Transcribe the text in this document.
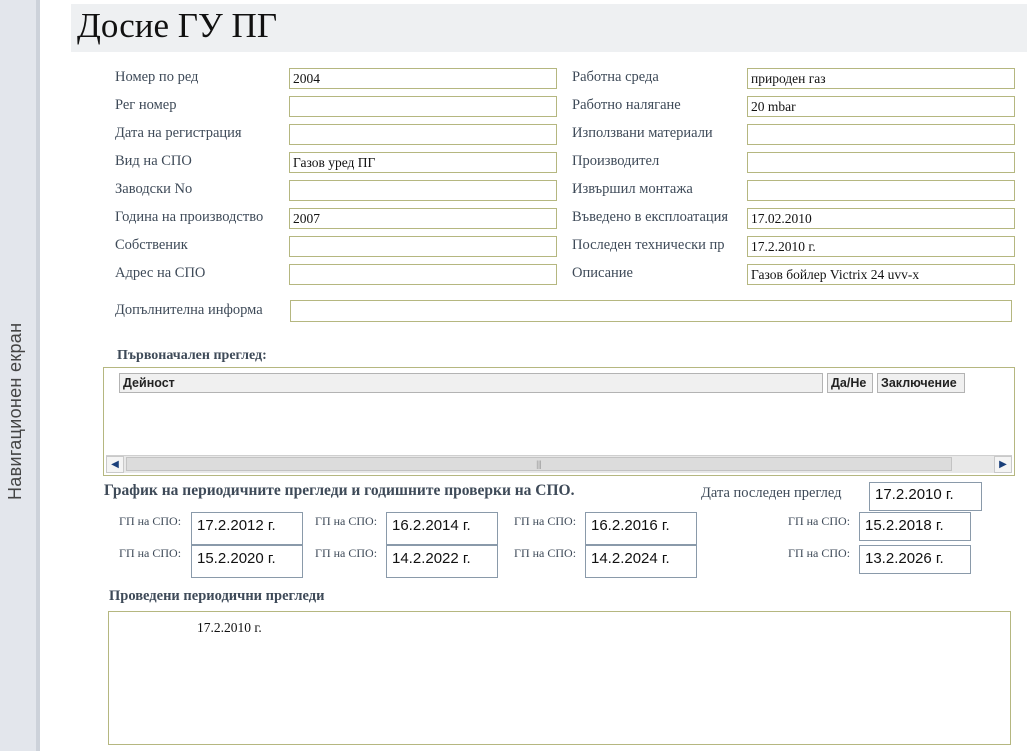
Навигационен екран
Досие ГУ ПГ
Номер по ред	2004
Рег номер
Дата на регистрация
Вид на СПО	Газов уред ПГ
Заводски No
Година на производство	2007
Собственик
Адрес на СПО
Работна среда	природен газ
Работно налягане	20 mbar
Използвани материали
Производител
Извършил монтажа
Въведено в експлоатация	17.02.2010
Последен технически пр	17.2.2010 г.
Описание	Газов бойлер Victrix 24 uvv-x
Допълнителна информа
Първоначален преглед:
Дейност	Да/Не	Заключение
◀	|||	▶
График на периодичните прегледи и годишните проверки на СПО.	Дата последен преглед	17.2.2010 г.
ГП на СПО:	17.2.2012 г.	ГП на СПО: 16.2.2014 г.	ГП на СПО: 16.2.2016 г.	ГП на СПО: 15.2.2018 г.
ГП на СПО:	15.2.2020 г.	ГП на СПО: 14.2.2022 г.	ГП на СПО: 14.2.2024 г.	ГП на СПО: 13.2.2026 г.
Проведени периодични прегледи
17.2.2010 г.
